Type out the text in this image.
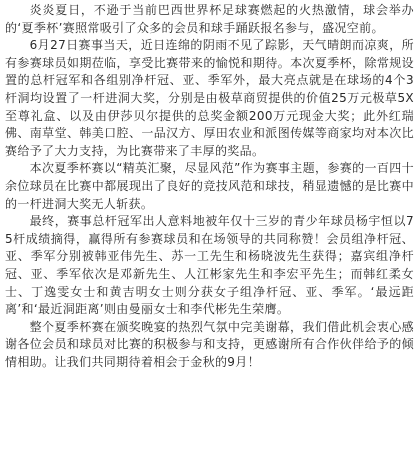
炎炎夏日，不逊于当前巴西世界杯足球赛燃起的火热激情，球会举办的‘夏季杯’赛照常吸引了众多的会员和球手踊跃报名参与，盛况空前。

6月27日赛事当天，近日连绵的阴雨不见了踪影，天气晴朗而凉爽，所有参赛球员如期莅临，享受比赛带来的愉悦和期待。本次夏季杯，除常规设置的总杆冠军和各组别净杆冠、亚、季军外，最大亮点就是在球场的4个3杆洞均设置了一杆进洞大奖，分别是由极草商贸提供的价值25万元极草5X至尊礼盒、以及由伊莎贝尔提供的总奖金额200万元现金大奖；此外红瑞佛、南草堂、韩美口腔、一品汉方、厚田农业和派图传媒等商家均对本次比赛给予了大力支持，为比赛带来了丰厚的奖品。

本次夏季杯赛以“精英汇聚，尽显风范”作为赛事主题，参赛的一百四十余位球员在比赛中都展现出了良好的竞技风范和球技，稍显遗憾的是比赛中的一杆进洞大奖无人斩获。

最终，赛事总杆冠军出人意料地被年仅十三岁的青少年球员杨宇恒以75杆成绩摘得，赢得所有参赛球员和在场领导的共同称赞！会员组净杆冠、亚、季军分别被韩亚伟先生、苏一工先生和杨晓波先生获得；嘉宾组净杆冠、亚、季军依次是邓新先生、人江彬家先生和李宏平先生；而韩红柔女士、丁逸雯女士和黄吉明女士则分获女子组净杆冠、亚、季军。‘最远距离’和‘最近洞距离’则由曼丽女士和李代彬先生荣膺。

整个夏季杯赛在颁奖晚宴的热烈气氛中完美谢幕，我们借此机会衷心感谢各位会员和球员对比赛的积极参与和支持，更感谢所有合作伙伴给予的倾情相助。让我们共同期待着相会于金秋的9月！
